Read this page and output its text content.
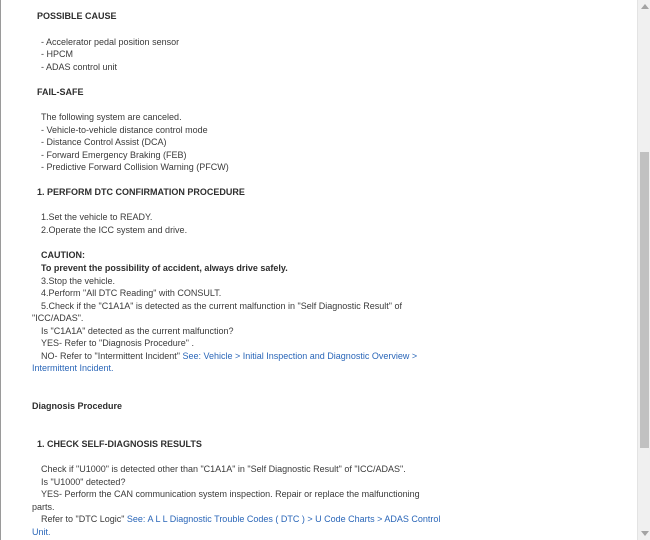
POSSIBLE CAUSE
- Accelerator pedal position sensor
- HPCM
- ADAS control unit
FAIL-SAFE
The following system are canceled.
- Vehicle-to-vehicle distance control mode
- Distance Control Assist (DCA)
- Forward Emergency Braking (FEB)
- Predictive Forward Collision Warning (PFCW)
1. PERFORM DTC CONFIRMATION PROCEDURE
1.Set the vehicle to READY.
2.Operate the ICC system and drive.
CAUTION:
To prevent the possibility of accident, always drive safely.
3.Stop the vehicle.
4.Perform "All DTC Reading" with CONSULT.
5.Check if the "C1A1A" is detected as the current malfunction in "Self Diagnostic Result" of
"ICC/ADAS".
Is "C1A1A" detected as the current malfunction?
YES- Refer to "Diagnosis Procedure" .
NO- Refer to "Intermittent Incident" See: Vehicle > Initial Inspection and Diagnostic Overview >
Intermittent Incident.
Diagnosis Procedure
1. CHECK SELF-DIAGNOSIS RESULTS
Check if "U1000" is detected other than "C1A1A" in "Self Diagnostic Result" of "ICC/ADAS".
Is "U1000" detected?
YES- Perform the CAN communication system inspection. Repair or replace the malfunctioning
parts.
Refer to "DTC Logic" See: A L L Diagnostic Trouble Codes ( DTC ) > U Code Charts > ADAS Control
Unit.
